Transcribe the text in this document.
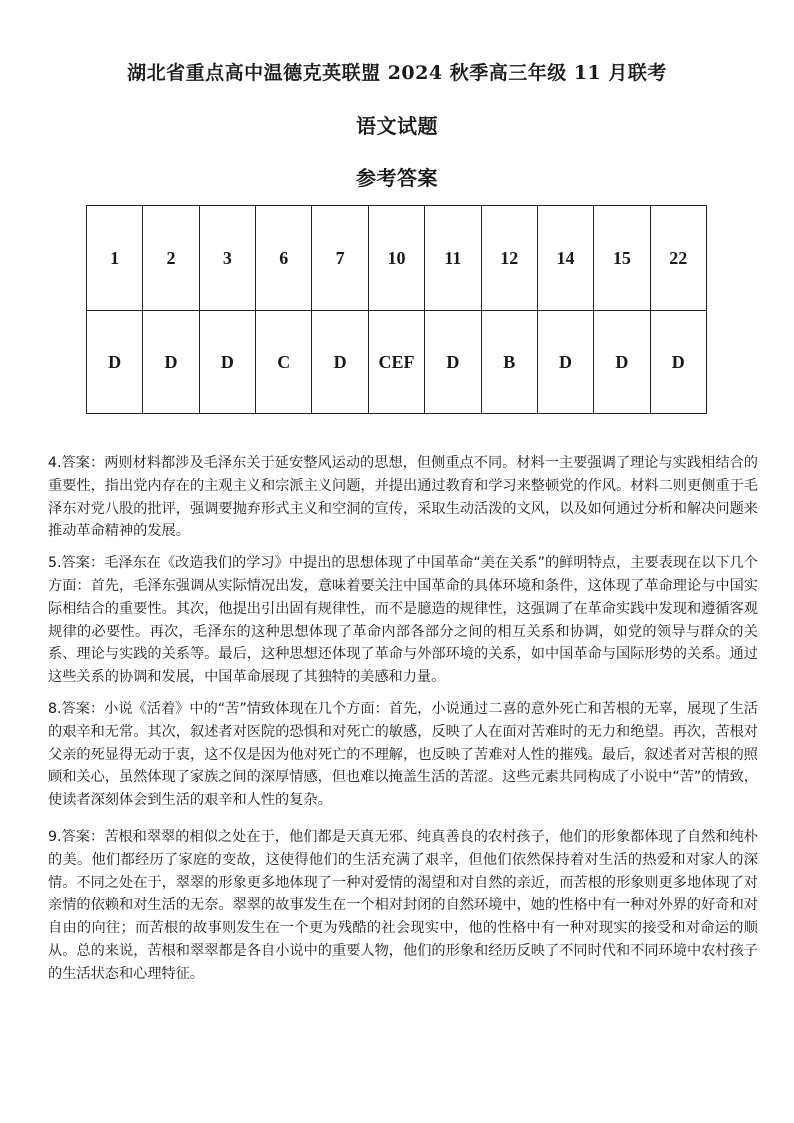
湖北省重点高中温德克英联盟 2024 秋季高三年级 11 月联考
语文试题
参考答案
1	2	3	6	7	10	11	12	14	15	22
D	D	D	C	D	CEF	D	B	D	D	D

4.答案：两则材料都涉及毛泽东关于延安整风运动的思想，但侧重点不同。材料一主要强调了理论与实践相结合的重要性，指出党内存在的主观主义和宗派主义问题，并提出通过教育和学习来整顿党的作风。材料二则更侧重于毛泽东对党八股的批评，强调要抛弃形式主义和空洞的宣传，采取生动活泼的文风，以及如何通过分析和解决问题来推动革命精神的发展。

5.答案：毛泽东在《改造我们的学习》中提出的思想体现了中国革命“美在关系”的鲜明特点，主要表现在以下几个方面：首先，毛泽东强调从实际情况出发，意味着要关注中国革命的具体环境和条件，这体现了革命理论与中国实际相结合的重要性。其次，他提出引出固有规律性，而不是臆造的规律性，这强调了在革命实践中发现和遵循客观规律的必要性。再次，毛泽东的这种思想体现了革命内部各部分之间的相互关系和协调，如党的领导与群众的关系、理论与实践的关系等。最后，这种思想还体现了革命与外部环境的关系，如中国革命与国际形势的关系。通过这些关系的协调和发展，中国革命展现了其独特的美感和力量。

8.答案：小说《活着》中的“苦”情致体现在几个方面：首先，小说通过二喜的意外死亡和苦根的无辜，展现了生活的艰辛和无常。其次，叙述者对医院的恐惧和对死亡的敏感，反映了人在面对苦难时的无力和绝望。再次，苦根对父亲的死显得无动于衷，这不仅是因为他对死亡的不理解，也反映了苦难对人性的摧残。最后，叙述者对苦根的照顾和关心，虽然体现了家族之间的深厚情感，但也难以掩盖生活的苦涩。这些元素共同构成了小说中“苦”的情致，使读者深刻体会到生活的艰辛和人性的复杂。

9.答案：苦根和翠翠的相似之处在于，他们都是天真无邪、纯真善良的农村孩子，他们的形象都体现了自然和纯朴的美。他们都经历了家庭的变故，这使得他们的生活充满了艰辛，但他们依然保持着对生活的热爱和对家人的深情。不同之处在于，翠翠的形象更多地体现了一种对爱情的渴望和对自然的亲近，而苦根的形象则更多地体现了对亲情的依赖和对生活的无奈。翠翠的故事发生在一个相对封闭的自然环境中，她的性格中有一种对外界的好奇和对自由的向往；而苦根的故事则发生在一个更为残酷的社会现实中，他的性格中有一种对现实的接受和对命运的顺从。总的来说，苦根和翠翠都是各自小说中的重要人物，他们的形象和经历反映了不同时代和不同环境中农村孩子的生活状态和心理特征。
